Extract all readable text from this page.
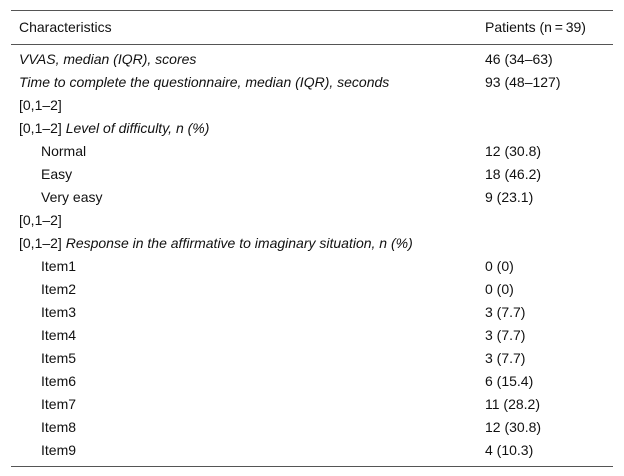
Characteristics	Patients (n = 39)
VVAS, median (IQR), scores	46 (34–63)
Time to complete the questionnaire, median (IQR), seconds	93 (48–127)
[0,1–2]
[0,1–2] Level of difficulty, n (%)
Normal	12 (30.8)
Easy	18 (46.2)
Very easy	9 (23.1)
[0,1–2]
[0,1–2] Response in the affirmative to imaginary situation, n (%)
Item1	0 (0)
Item2	0 (0)
Item3	3 (7.7)
Item4	3 (7.7)
Item5	3 (7.7)
Item6	6 (15.4)
Item7	11 (28.2)
Item8	12 (30.8)
Item9	4 (10.3)
